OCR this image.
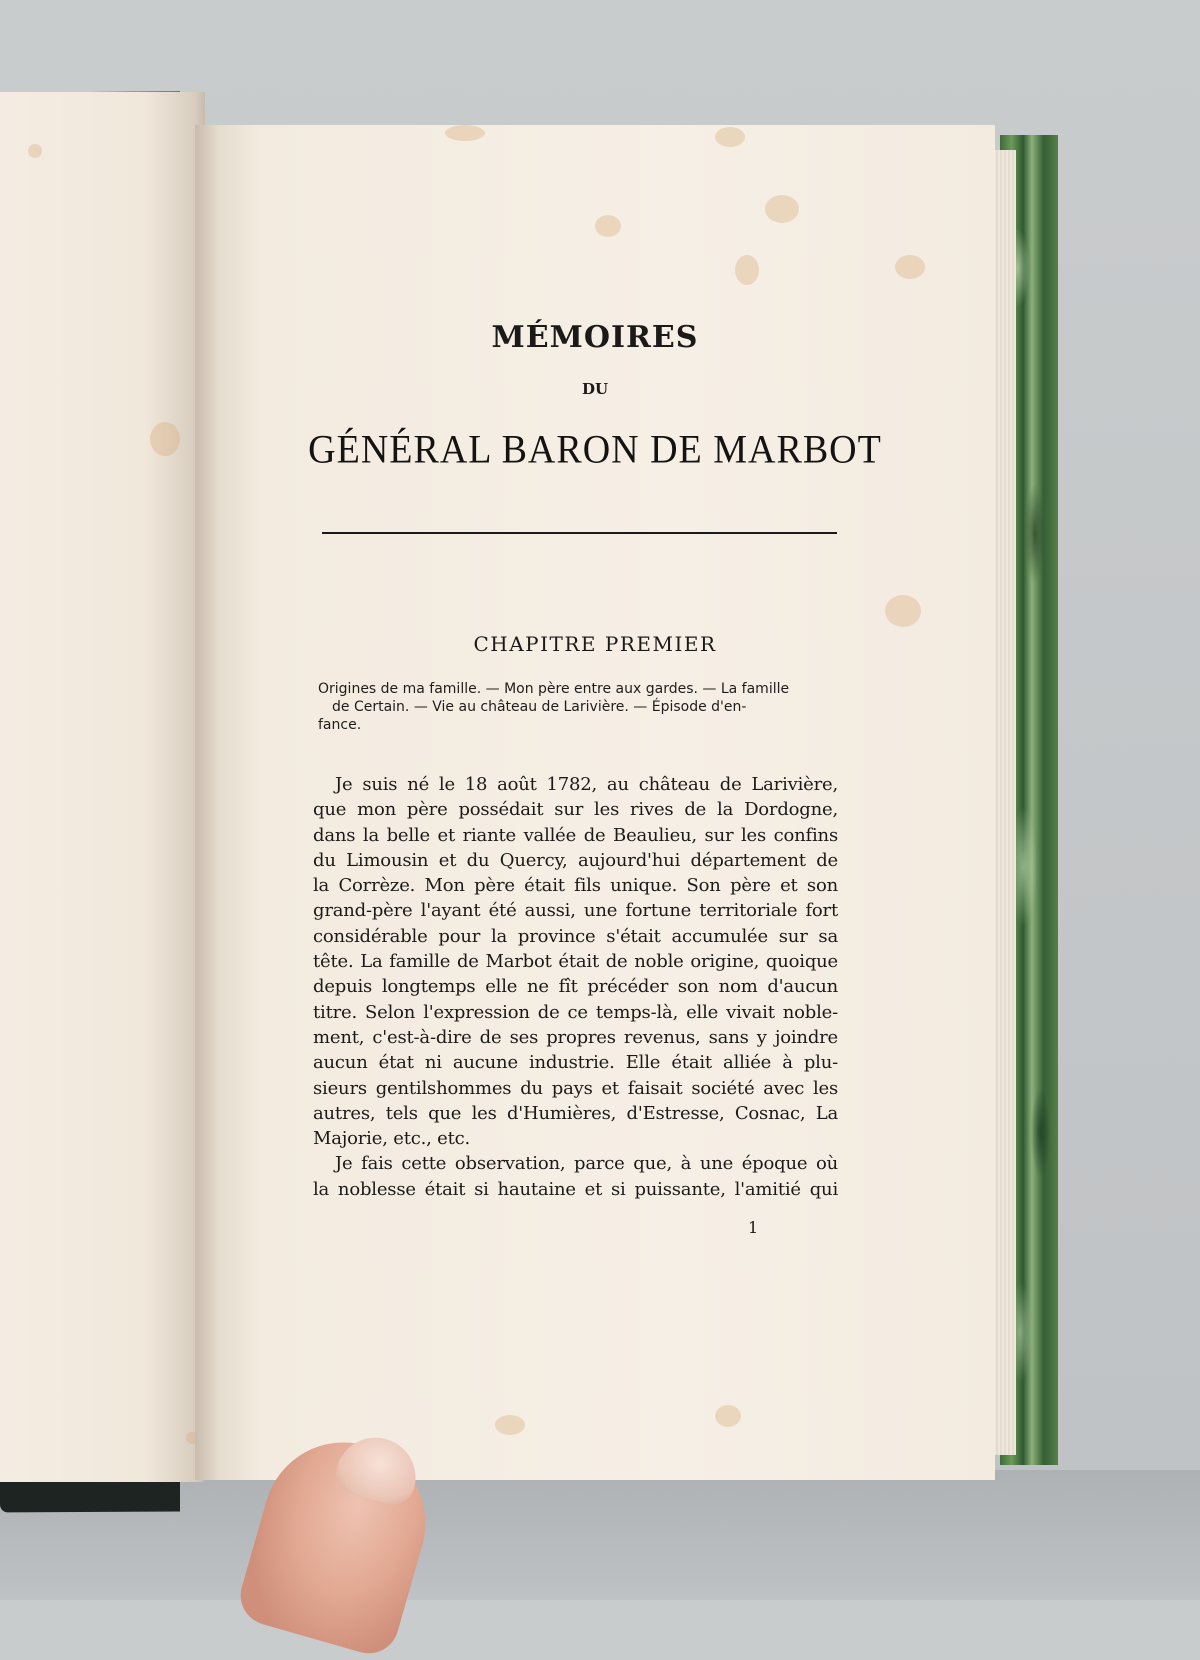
MÉMOIRES
DU
GÉNÉRAL BARON DE MARBOT
CHAPITRE PREMIER
Origines de ma famille. — Mon père entre aux gardes. — La famille
de Certain. — Vie au château de Larivière. — Épisode d'en-
fance.
Je suis né le 18 août 1782, au château de Larivière,
que mon père possédait sur les rives de la Dordogne,
dans la belle et riante vallée de Beaulieu, sur les confins
du Limousin et du Quercy, aujourd'hui département de
la Corrèze. Mon père était fils unique. Son père et son
grand-père l'ayant été aussi, une fortune territoriale fort
considérable pour la province s'était accumulée sur sa
tête. La famille de Marbot était de noble origine, quoique
depuis longtemps elle ne fît précéder son nom d'aucun
titre. Selon l'expression de ce temps-là, elle vivait noble-
ment, c'est-à-dire de ses propres revenus, sans y joindre
aucun état ni aucune industrie. Elle était alliée à plu-
sieurs gentilshommes du pays et faisait société avec les
autres, tels que les d'Humières, d'Estresse, Cosnac, La
Majorie, etc., etc.
Je fais cette observation, parce que, à une époque où
la noblesse était si hautaine et si puissante, l'amitié qui
1
